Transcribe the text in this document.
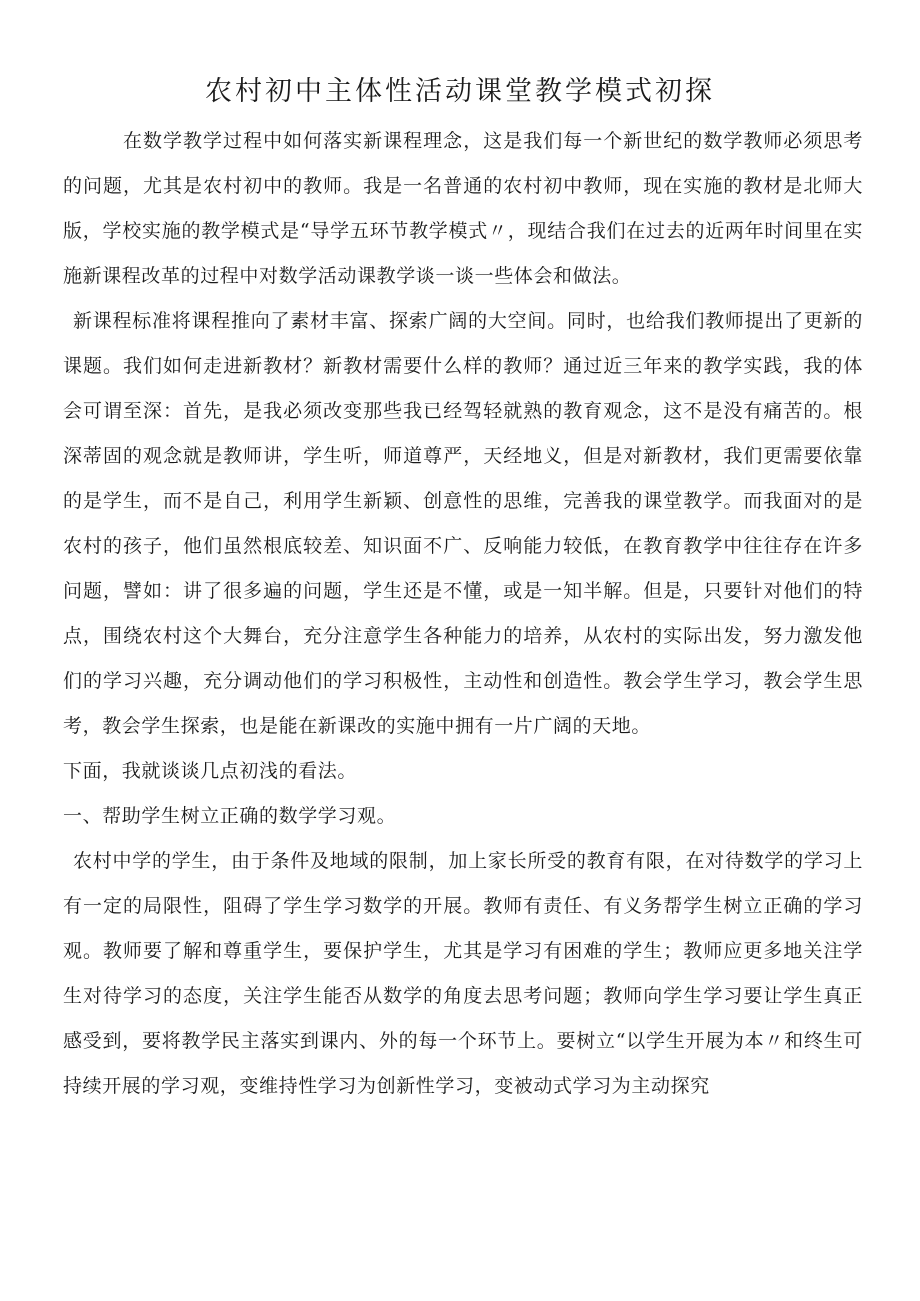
农村初中主体性活动课堂教学模式初探

在数学教学过程中如何落实新课程理念，这是我们每一个新世纪的数学教师必须思考的问题，尤其是农村初中的教师。我是一名普通的农村初中教师，现在实施的教材是北师大版，学校实施的教学模式是“导学五环节教学模式〃，现结合我们在过去的近两年时间里在实施新课程改革的过程中对数学活动课教学谈一谈一些体会和做法。

新课程标准将课程推向了素材丰富、探索广阔的大空间。同时，也给我们教师提出了更新的课题。我们如何走进新教材？新教材需要什么样的教师？通过近三年来的教学实践，我的体会可谓至深：首先，是我必须改变那些我已经驾轻就熟的教育观念，这不是没有痛苦的。根深蒂固的观念就是教师讲，学生听，师道尊严，天经地义，但是对新教材，我们更需要依靠的是学生，而不是自己，利用学生新颖、创意性的思维，完善我的课堂教学。而我面对的是农村的孩子，他们虽然根底较差、知识面不广、反响能力较低，在教育教学中往往存在许多问题，譬如：讲了很多遍的问题，学生还是不懂，或是一知半解。但是，只要针对他们的特点，围绕农村这个大舞台，充分注意学生各种能力的培养，从农村的实际出发，努力激发他们的学习兴趣，充分调动他们的学习积极性，主动性和创造性。教会学生学习，教会学生思考，教会学生探索，也是能在新课改的实施中拥有一片广阔的天地。

下面，我就谈谈几点初浅的看法。

一、帮助学生树立正确的数学学习观。

农村中学的学生，由于条件及地域的限制，加上家长所受的教育有限，在对待数学的学习上有一定的局限性，阻碍了学生学习数学的开展。教师有责任、有义务帮学生树立正确的学习观。教师要了解和尊重学生，要保护学生，尤其是学习有困难的学生；教师应更多地关注学生对待学习的态度，关注学生能否从数学的角度去思考问题；教师向学生学习要让学生真正感受到，要将教学民主落实到课内、外的每一个环节上。要树立“以学生开展为本〃和终生可持续开展的学习观，变维持性学习为创新性学习，变被动式学习为主动探究
